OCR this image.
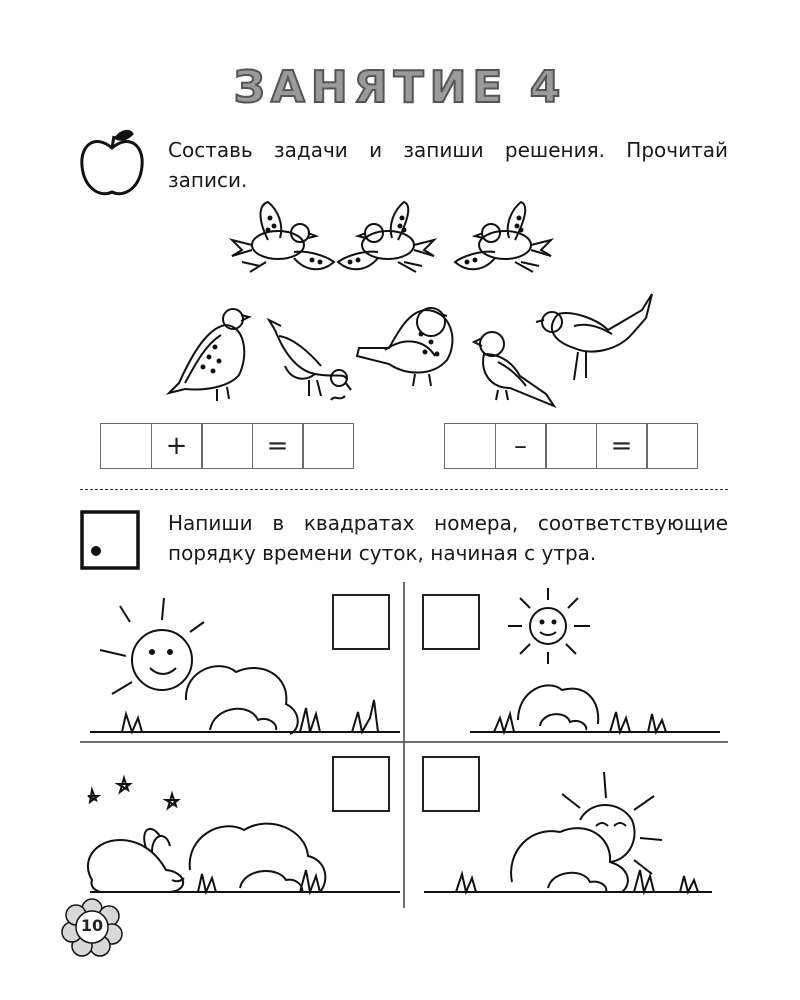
ЗАНЯТИЕ 4
Составь задачи и запиши решения. Прочитай записи.
+	=	–	=
Напиши в квадратах номера, соответствующие порядку времени суток, начиная с утра.
10
